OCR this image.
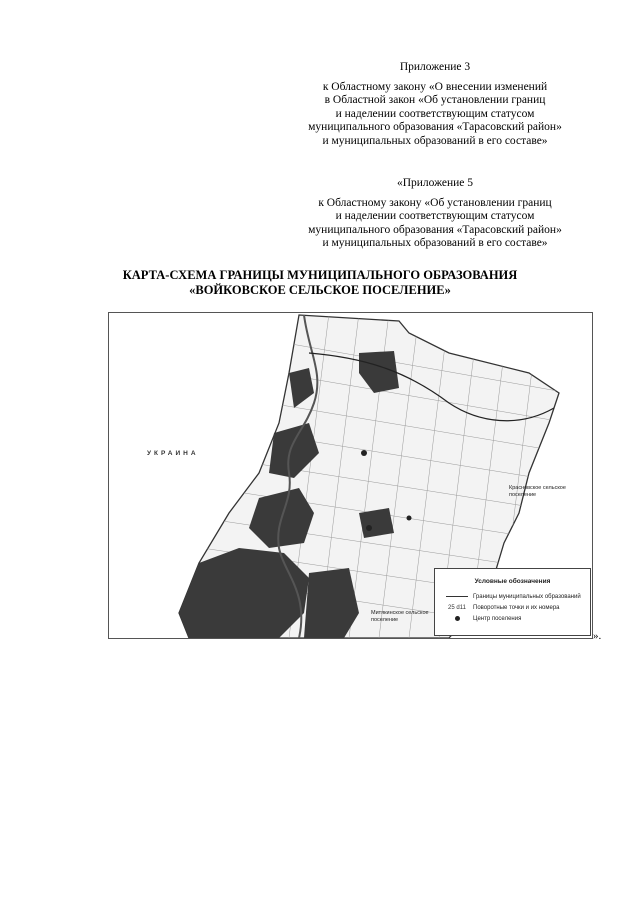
Приложение 3
к Областному закону «О внесении изменений
в Областной закон «Об установлении границ
и наделении соответствующим статусом
муниципального образования «Тарасовский район»
и муниципальных образований в его составе»
«Приложение 5
к Областному закону «Об установлении границ
и наделении соответствующим статусом
муниципального образования «Тарасовский район»
и муниципальных образований в его составе»
КАРТА-СХЕМА ГРАНИЦЫ МУНИЦИПАЛЬНОГО ОБРАЗОВАНИЯ
«ВОЙКОВСКОЕ СЕЛЬСКОЕ ПОСЕЛЕНИЕ»
УКРАИНА
Красновское сельское поселение
Митякинское сельское поселение
Условные обозначения
Границы муниципальных образований
25 d11 Поворотные точки и их номера
Центр поселения
».
